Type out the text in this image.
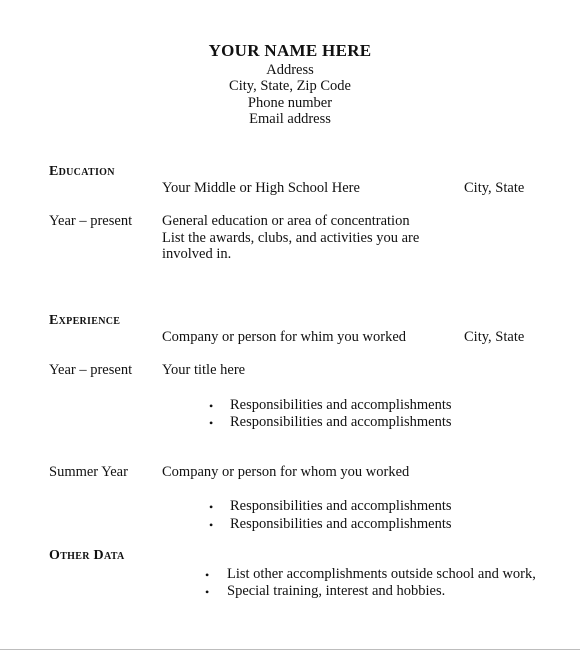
YOUR NAME HERE
Address
City, State, Zip Code
Phone number
Email address
Education
Your Middle or High School Here	City, State
Year – present General education or area of concentration
List the awards, clubs, and activities you are
involved in.
Experience
Company or person for whim you worked	City, State
Year – present Your title here
• Responsibilities and accomplishments
• Responsibilities and accomplishments
Summer Year Company or person for whom you worked
• Responsibilities and accomplishments
• Responsibilities and accomplishments
Other Data
• List other accomplishments outside school and work,
• Special training, interest and hobbies.
